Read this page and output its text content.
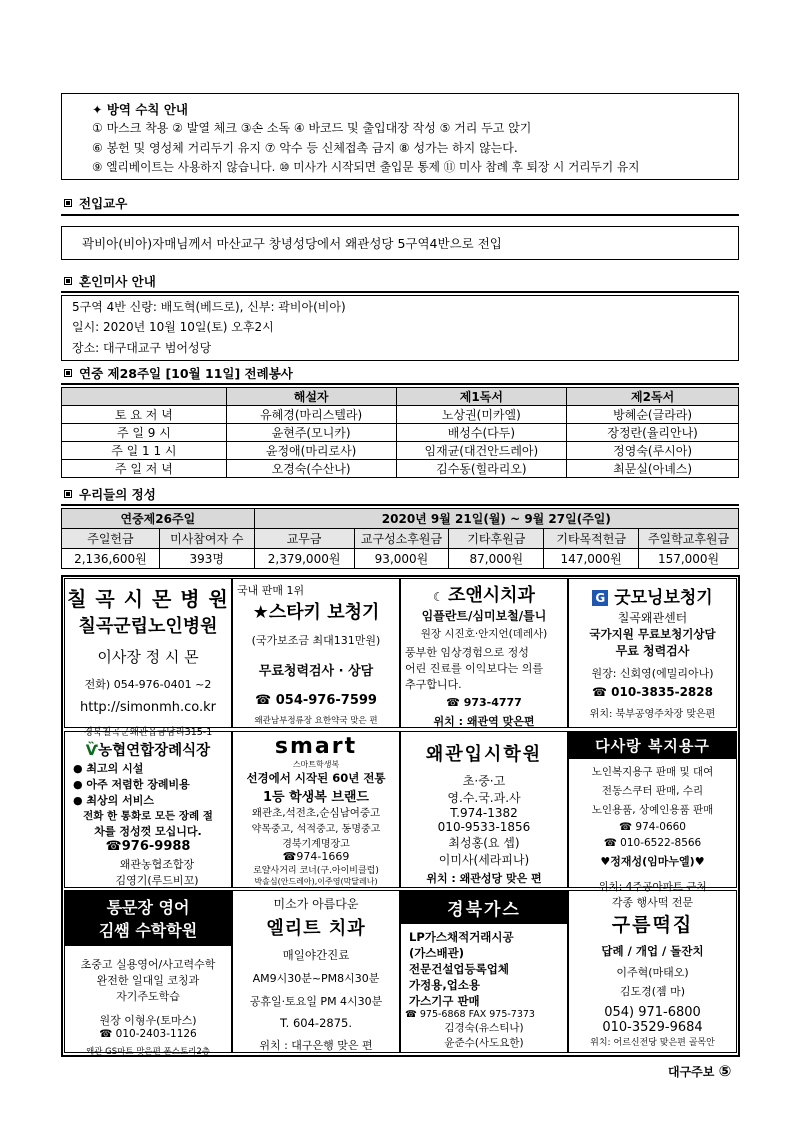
✦ 방역 수칙 안내
① 마스크 착용 ② 발열 체크 ③손 소독 ④ 바코드 및 출입대장 작성 ⑤ 거리 두고 앉기
⑥ 봉헌 및 영성체 거리두기 유지 ⑦ 악수 등 신체접촉 금지 ⑧ 성가는 하지 않는다.
⑨ 엘리베이트는 사용하지 않습니다. ⑩ 미사가 시작되면 출입문 통제 ⑪ 미사 참례 후 퇴장 시 거리두기 유지
전입교우
곽비아(비아)자매님께서 마산교구 창녕성당에서 왜관성당 5구역4반으로 전입
혼인미사 안내
5구역 4반 신랑: 배도혁(베드로), 신부: 곽비아(비아)
일시: 2020년 10월 10일(토) 오후2시
장소: 대구대교구 범어성당
연중 제28주일 [10월 11일] 전례봉사
	해설자	제1독서	제2독서
토 요 저 녁	유혜경(마리스텔라)	노상권(미카엘)	방혜순(글라라)
주 일 9 시	윤현주(모니카)	배성수(다두)	장정란(율리안나)
주 일 1 1 시	윤정애(마리로사)	임재균(대건안드레아)	정영숙(루시아)
주 일 저 녁	오경숙(수산나)	김수동(힐라리오)	최문실(아녜스)
우리들의 정성
연중제26주일		2020년 9월 21일(월) ~ 9월 27일(주일)				
주일헌금	미사참여자 수	교무금	교구성소후원금	기타후원금	기타목적헌금	주일학교후원금
2,136,600원	393명	2,379,000원	93,000원	87,000원	147,000원	157,000원
칠 곡 시 몬 병 원
칠곡군립노인병원
이사장 정 시 몬
전화) 054-976-0401 ~2
http://simonmh.co.kr
경북칠곡군왜관읍금남리315-1
국내 판매 1위
★스타키 보청기
(국가보조금 최대131만원)
무료청력검사 · 상담
☎ 054-976-7599
왜관남부정류장 요한약국 맞은 편
☾ 조앤시치과
임플란트/심미보철/틀니
원장 시진호·안지언(데레사)
풍부한 임상경험으로 정성
어린 진료를 이익보다는 의를
추구합니다.
☎ 973-4777
위치 : 왜관역 맞은편
G 굿모닝보청기
칠곡왜관센터
국가지원 무료보청기상담
무료 청력검사
원장: 신회영(에밀리아나)
☎ 010-3835-2828
위치: 북부공영주차장 맞은편
Ѷ농협연합장례식장
● 최고의 시설
● 아주 저렴한 장례비용
● 최상의 서비스
전화 한 통화로 모든 장례 절
차를 정성껏 모십니다.
☎976-9988
왜관농협조합장
김영기(루드비꼬)
smart
스마트학생복
선경에서 시작된 60년 전통
1등 학생복 브랜드
왜관초,석전초,순심남여중고
약목중고, 석적중고, 동명중고
경북기계명장고
☎974-1669
로얄사거리 코너(구.아이비클럽)
박솔심(안드레아),이주영(막달레나)
왜관입시학원
초·중·고
영.수.국.과.사
T.974-1382
010-9533-1856
최성홍(요 셉)
이미사(세라피나)
위치 : 왜관성당 맞은 편
다사랑 복지용구
노인복지용구 판매 및 대여
전동스쿠터 판매, 수리
노인용품, 상예인용품 판매
☎ 974-0660
☎ 010-6522-8566
♥정재성(임마누엘)♥
위치: 4주공아파트 근처
통문장 영어
김쌤 수학학원
초중고 실용영어/사고력수학
완전한 일대일 코칭과
자기주도학습
원장 이형우(토마스)
☎ 010-2403-1126
왜관 GS마트 맞은편 폰스토리2층
미소가 아름다운
엘리트 치과
매일야간진료
AM9시30분~PM8시30분
공휴일·토요일 PM 4시30분
T. 604-2875.
위치 : 대구은행 맞은 편
경북가스
LP가스채적거래시공
(가스배관)
전문건설업등록업체
가정용,업소용
가스기구 판매
☎ 975-6868 FAX 975-7373
김경숙(유스티나)
윤준수(사도요한)
각종 행사떡 전문
구름떡집
답례 / 개업 / 돌잔치
이주혁(마태오)
김도경(젬 마)
054) 971-6800
010-3529-9684
위치: 어르신전당 맞은편 골목안
대구주보 ⑤
